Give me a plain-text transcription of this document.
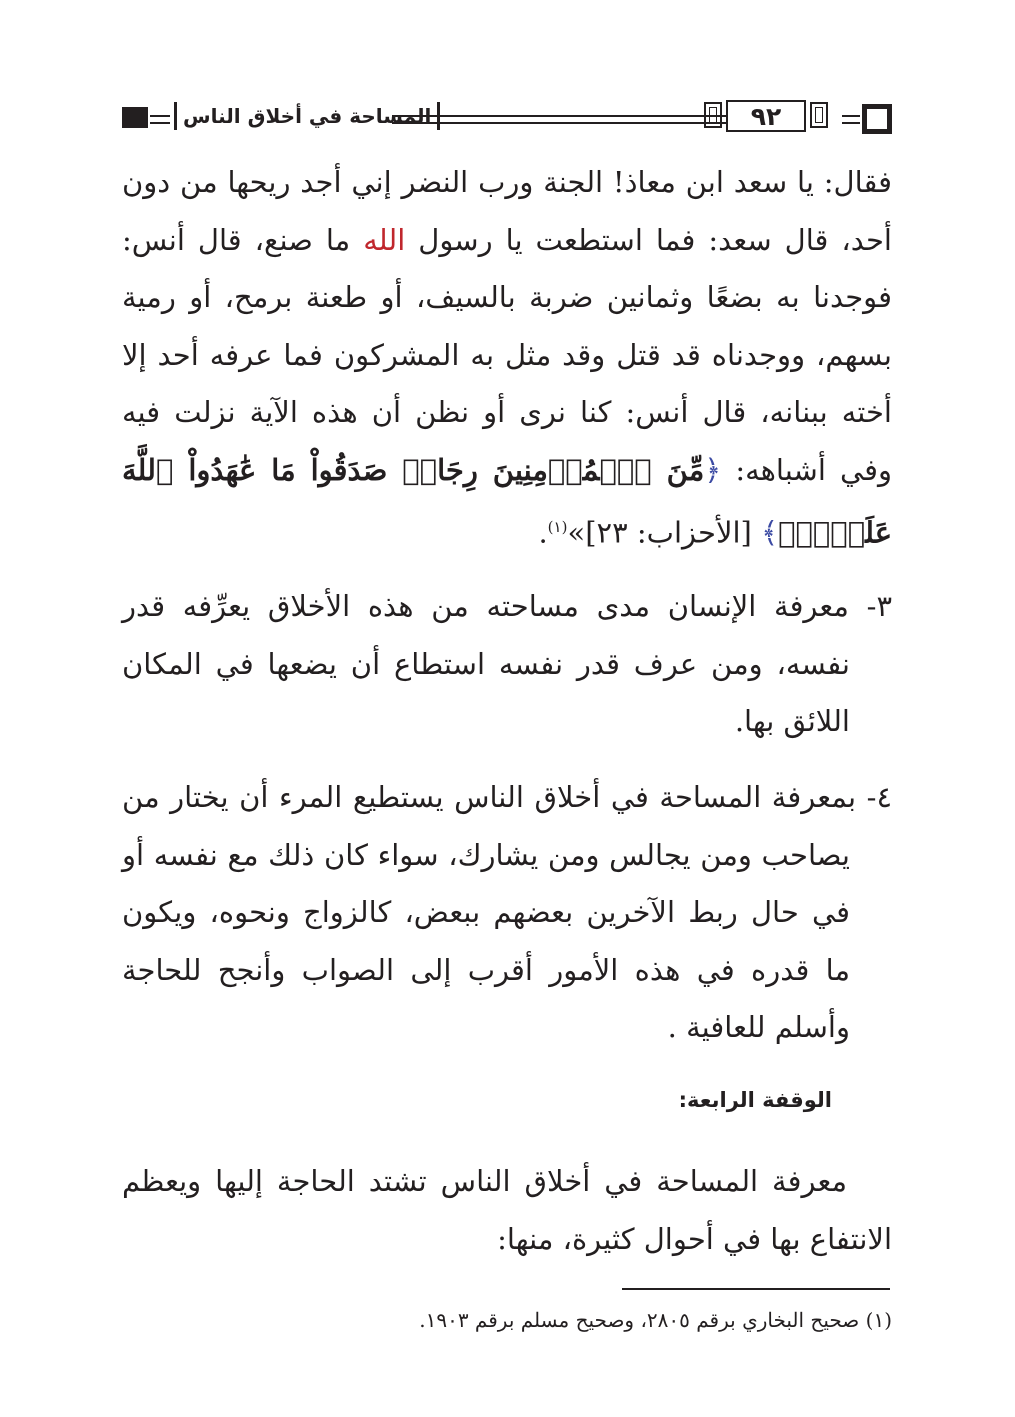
المساحة في أخلاق الناس	٩٢
فقال: يا سعد ابن معاذ! الجنة ورب النضر إني أجد ريحها من دون أحد، قال سعد: فما استطعت يا رسول الله ما صنع، قال أنس: فوجدنا به بضعًا وثمانين ضربة بالسيف، أو طعنة برمح، أو رمية بسهم، ووجدناه قد قتل وقد مثل به المشركون فما عرفه أحد إلا أخته ببنانه، قال أنس: كنا نرى أو نظن أن هذه الآية نزلت فيه وفي أشباهه: ﴿مِّنَ ٱلۡمُؤۡمِنِينَ رِجَالٞ صَدَقُواْ مَا عَٰهَدُواْ ٱللَّهَ عَلَيۡهِۖ﴾ [الأحزاب: ٢٣]»$^{(١)}$.
٣- معرفة الإنسان مدى مساحته من هذه الأخلاق يعرِّفه قدر نفسه، ومن عرف قدر نفسه استطاع أن يضعها في المكان اللائق بها.
٤- بمعرفة المساحة في أخلاق الناس يستطيع المرء أن يختار من يصاحب ومن يجالس ومن يشارك، سواء كان ذلك مع نفسه أو في حال ربط الآخرين بعضهم ببعض، كالزواج ونحوه، ويكون ما قدره في هذه الأمور أقرب إلى الصواب وأنجح للحاجة وأسلم للعافية .
الوقفة الرابعة:
معرفة المساحة في أخلاق الناس تشتد الحاجة إليها ويعظم الانتفاع بها في أحوال كثيرة، منها:
(١) صحيح البخاري برقم ٢٨٠٥، وصحيح مسلم برقم ١٩٠٣.
